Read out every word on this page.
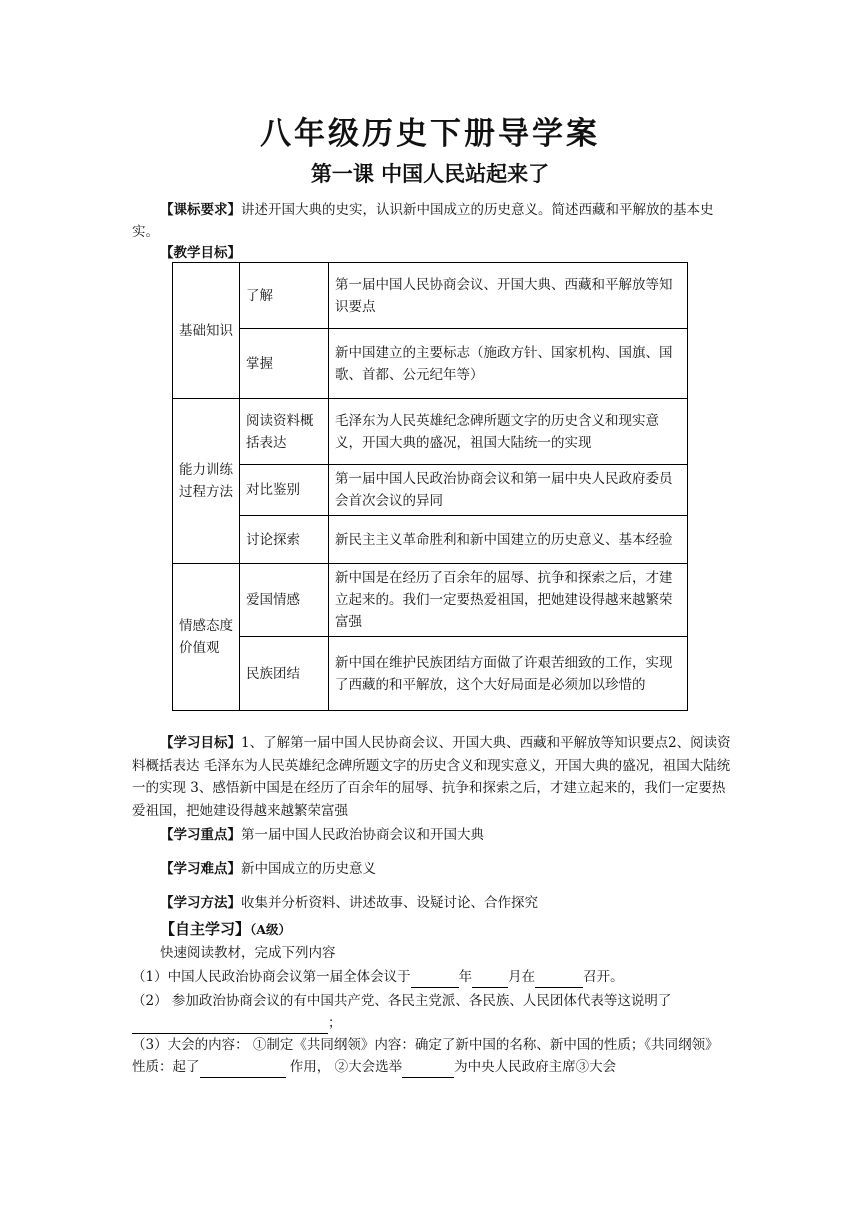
八年级历史下册导学案
第一课 中国人民站起来了
【课标要求】讲述开国大典的史实，认识新中国成立的历史意义。简述西藏和平解放的基本史实。
【教学目标】
基础知识	了解	第一届中国人民协商会议、开国大典、西藏和平解放等知识要点
	掌握	新中国建立的主要标志（施政方针、国家机构、国旗、国歌、首都、公元纪年等）
能力训练过程方法	阅读资料概括表达	毛泽东为人民英雄纪念碑所题文字的历史含义和现实意义，开国大典的盛况，祖国大陆统一的实现
	对比鉴别	第一届中国人民政治协商会议和第一届中央人民政府委员会首次会议的异同
	讨论探索	新民主主义革命胜利和新中国建立的历史意义、基本经验
情感态度价值观	爱国情感	新中国是在经历了百余年的屈辱、抗争和探索之后，才建立起来的。我们一定要热爱祖国，把她建设得越来越繁荣富强
	民族团结	新中国在维护民族团结方面做了许艰苦细致的工作，实现了西藏的和平解放，这个大好局面是必须加以珍惜的
【学习目标】1、了解第一届中国人民协商会议、开国大典、西藏和平解放等知识要点2、阅读资料概括表达 毛泽东为人民英雄纪念碑所题文字的历史含义和现实意义，开国大典的盛况，祖国大陆统一的实现 3、感悟新中国是在经历了百余年的屈辱、抗争和探索之后，才建立起来的，我们一定要热爱祖国，把她建设得越来越繁荣富强
【学习重点】第一届中国人民政治协商会议和开国大典
【学习难点】新中国成立的历史意义
【学习方法】收集并分析资料、讲述故事、设疑讨论、合作探究
【自主学习】（A级）
快速阅读教材，完成下列内容
（1）中国人民政治协商会议第一届全体会议于	年	月在	召开。
（2） 参加政治协商会议的有中国共产党、各民主党派、各民族、人民团体代表等这说明了；
（3）大会的内容： ①制定《共同纲领》内容：确定了新中国的名称、新中国的性质；《共同纲领》性质：起了	作用， ②大会选举	为中央人民政府主席③大会
